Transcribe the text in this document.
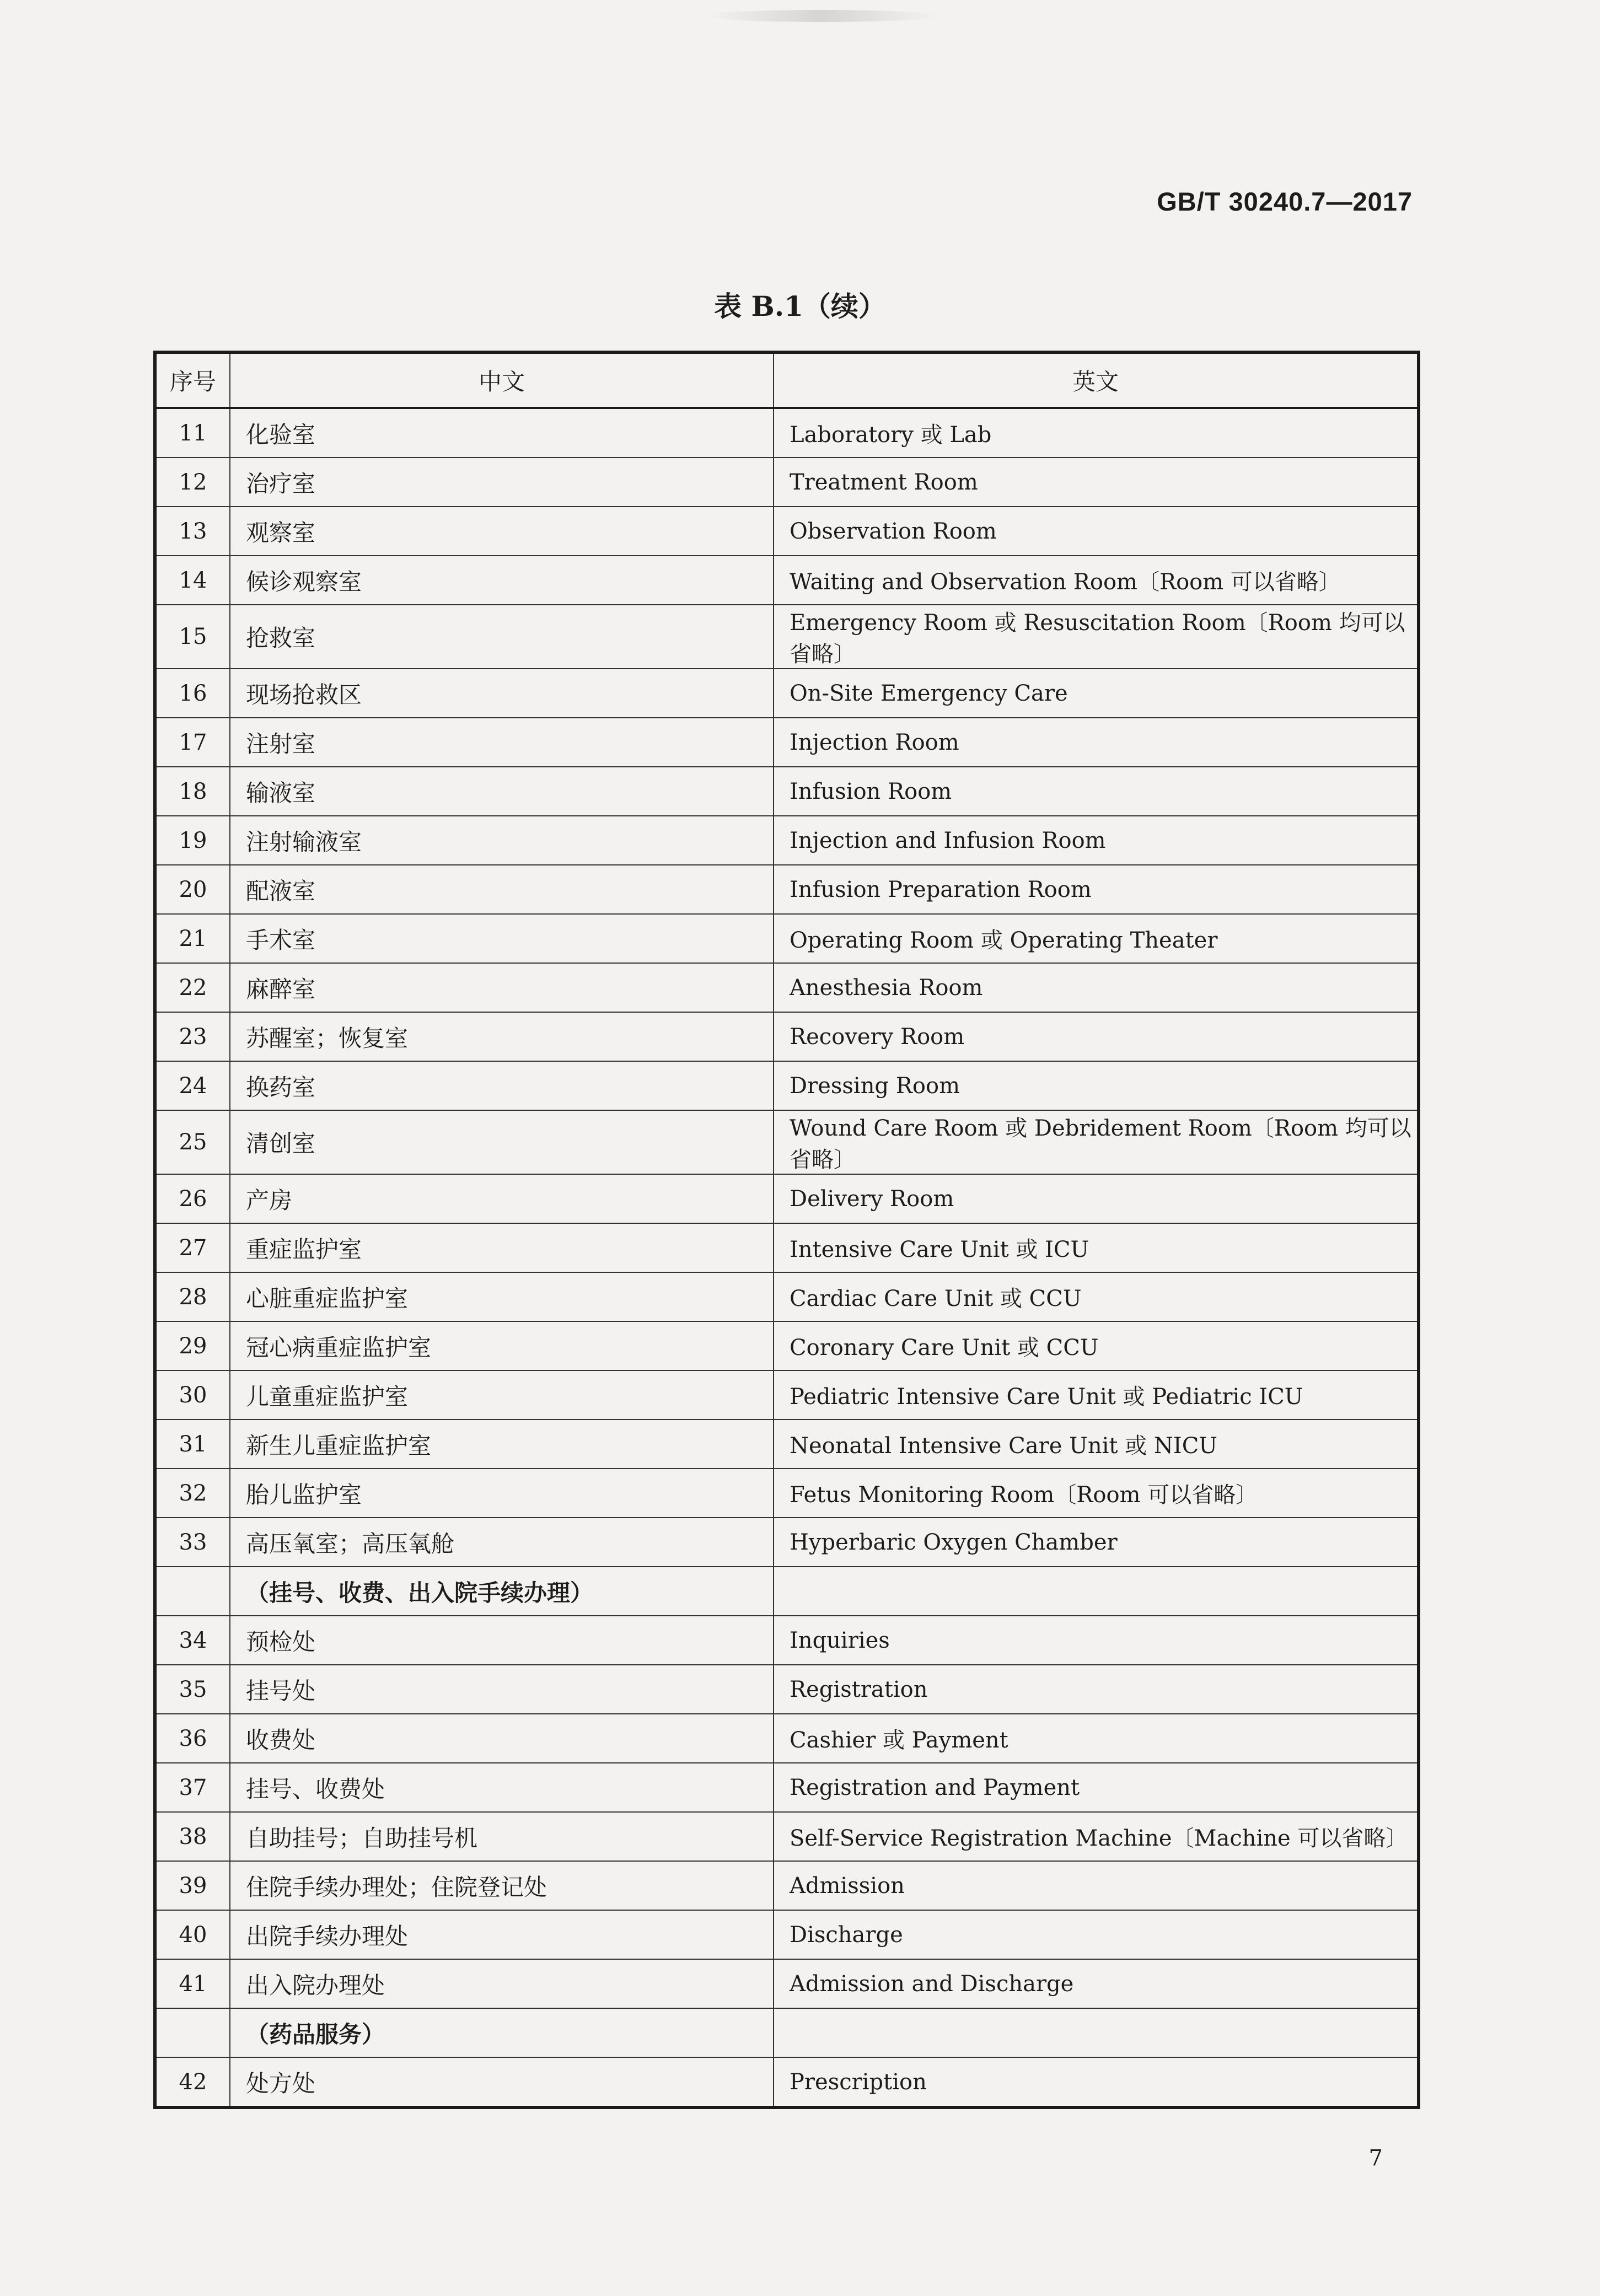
GB/T 30240.7—2017
表 B.1（续）
序号	中文	英文
11	化验室	Laboratory 或 Lab
12	治疗室	Treatment Room
13	观察室	Observation Room
14	候诊观察室	Waiting and Observation Room〔Room 可以省略〕
15	抢救室	Emergency Room 或 Resuscitation Room〔Room 均可以省略〕
16	现场抢救区	On-Site Emergency Care
17	注射室	Injection Room
18	输液室	Infusion Room
19	注射输液室	Injection and Infusion Room
20	配液室	Infusion Preparation Room
21	手术室	Operating Room 或 Operating Theater
22	麻醉室	Anesthesia Room
23	苏醒室；恢复室	Recovery Room
24	换药室	Dressing Room
25	清创室	Wound Care Room 或 Debridement Room〔Room 均可以省略〕
26	产房	Delivery Room
27	重症监护室	Intensive Care Unit 或 ICU
28	心脏重症监护室	Cardiac Care Unit 或 CCU
29	冠心病重症监护室	Coronary Care Unit 或 CCU
30	儿童重症监护室	Pediatric Intensive Care Unit 或 Pediatric ICU
31	新生儿重症监护室	Neonatal Intensive Care Unit 或 NICU
32	胎儿监护室	Fetus Monitoring Room〔Room 可以省略〕
33	高压氧室；高压氧舱	Hyperbaric Oxygen Chamber
	（挂号、收费、出入院手续办理）	
34	预检处	Inquiries
35	挂号处	Registration
36	收费处	Cashier 或 Payment
37	挂号、收费处	Registration and Payment
38	自助挂号；自助挂号机	Self-Service Registration Machine〔Machine 可以省略〕
39	住院手续办理处；住院登记处	Admission
40	出院手续办理处	Discharge
41	出入院办理处	Admission and Discharge
	（药品服务）	
42	处方处	Prescription
7
